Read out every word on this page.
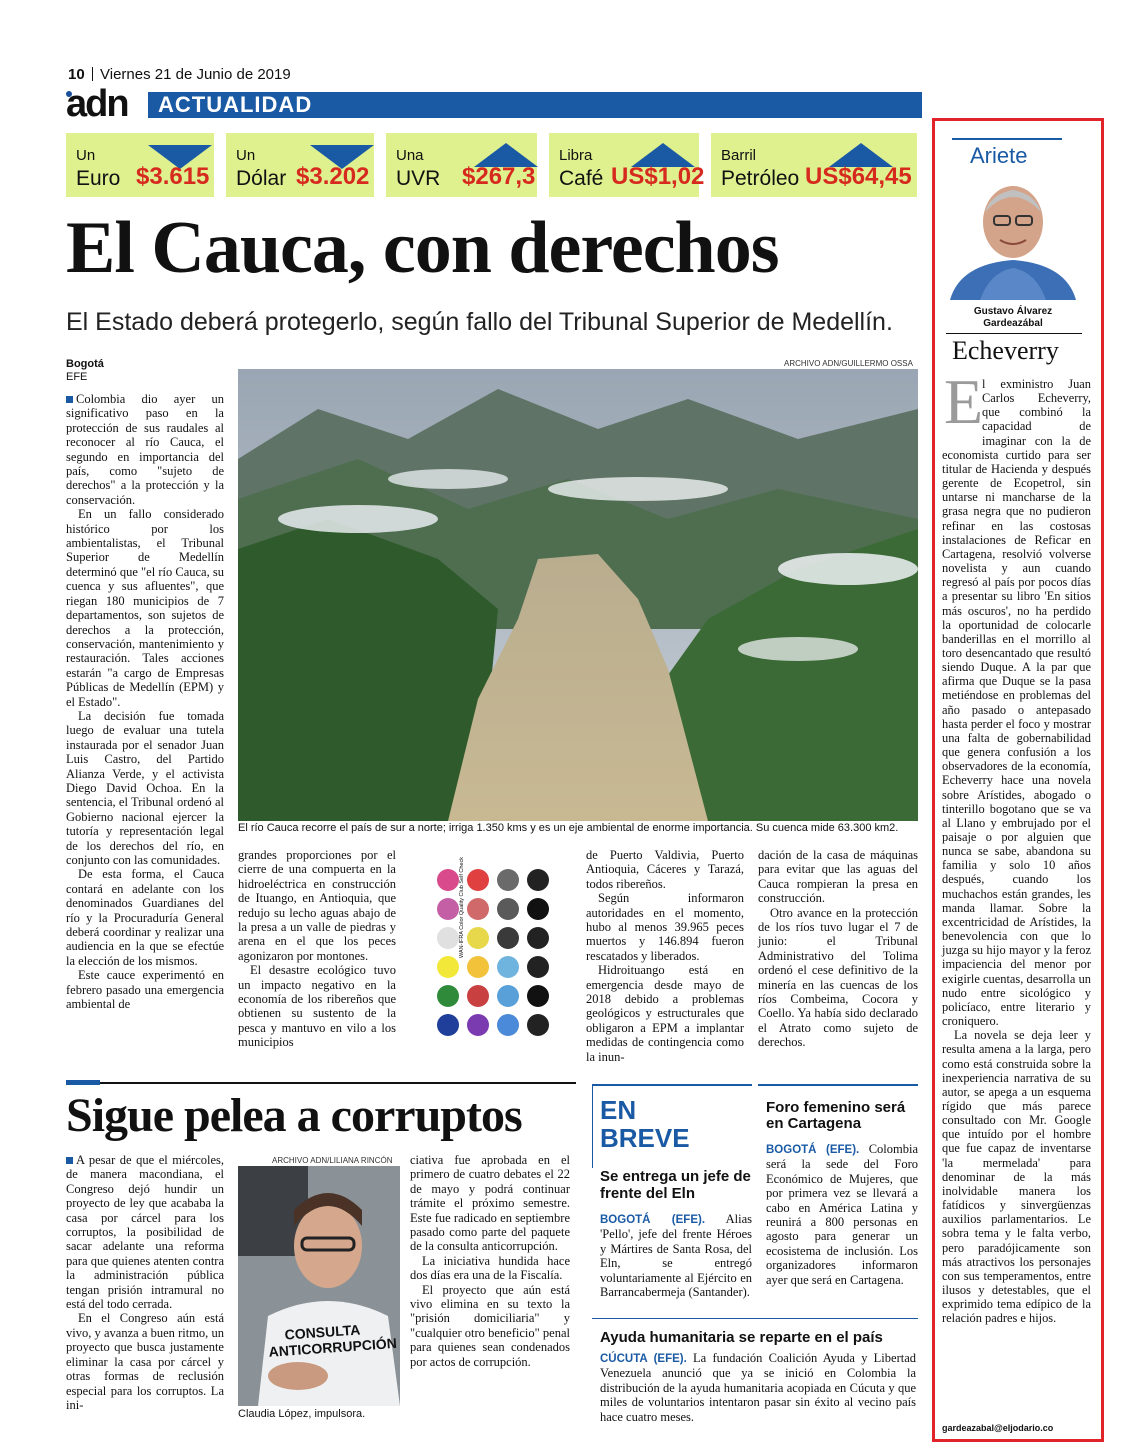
10 Viernes 21 de Junio de 2019
adn	ACTUALIDAD
Un
Euro $3.615
Un
Dólar $3.202
Una
UVR $267,3
Libra
Café US$1,02
Barril
Petróleo US$64,45
El Cauca, con derechos
El Estado deberá protegerlo, según fallo del Tribunal Superior de Medellín.
Bogotá
EFE
ARCHIVO ADN/GUILLERMO OSSA
El río Cauca recorre el país de sur a norte; irriga 1.350 kms y es un eje ambiental de enorme importancia. Su cuenca mide 63.300 km2.

Colombia dio ayer un significativo paso en la protección de sus raudales al reconocer al río Cauca, el segundo en importancia del país, como "sujeto de derechos" a la protección y la conservación.

En un fallo considerado histórico por los ambientalistas, el Tribunal Superior de Medellín determinó que "el río Cauca, su cuenca y sus afluentes", que riegan 180 municipios de 7 departamentos, son sujetos de derechos a la protección, conservación, mantenimiento y restauración. Tales acciones estarán "a cargo de Empresas Públicas de Medellín (EPM) y el Estado".

La decisión fue tomada luego de evaluar una tutela instaurada por el senador Juan Luis Castro, del Partido Alianza Verde, y el activista Diego David Ochoa. En la sentencia, el Tribunal ordenó al Gobierno nacional ejercer la tutoría y representación legal de los derechos del río, en conjunto con las comunidades.

De esta forma, el Cauca contará en adelante con los denominados Guardianes del río y la Procuraduría General deberá coordinar y realizar una audiencia en la que se efectúe la elección de los mismos.

Este cauce experimentó en febrero pasado una emergencia ambiental de

grandes proporciones por el cierre de una compuerta en la hidroeléctrica en construcción de Ituango, en Antioquia, que redujo su lecho aguas abajo de la presa a un valle de piedras y arena en el que los peces agonizaron por montones.

El desastre ecológico tuvo un impacto negativo en la economía de los ribereños que obtienen su sustento de la pesca y mantuvo en vilo a los municipios

WAN-IFRA Color Quality Club Self Check

de Puerto Valdivia, Puerto Antioquia, Cáceres y Tarazá, todos ribereños.

Según informaron autoridades en el momento, hubo al menos 39.965 peces muertos y 146.894 fueron rescatados y liberados.

Hidroituango está en emergencia desde mayo de 2018 debido a problemas geológicos y estructurales que obligaron a EPM a implantar medidas de contingencia como la inun-

dación de la casa de máquinas para evitar que las aguas del Cauca rompieran la presa en construcción.

Otro avance en la protección de los ríos tuvo lugar el 7 de junio: el Tribunal Administrativo del Tolima ordenó el cese definitivo de la minería en las cuencas de los ríos Combeima, Cocora y Coello. Ya había sido declarado el Atrato como sujeto de derechos.

Sigue pelea a corruptos

A pesar de que el miércoles, de manera macondiana, el Congreso dejó hundir un proyecto de ley que acababa la casa por cárcel para los corruptos, la posibilidad de sacar adelante una reforma para que quienes atenten contra la administración pública tengan prisión intramural no está del todo cerrada.

En el Congreso aún está vivo, y avanza a buen ritmo, un proyecto que busca justamente eliminar la casa por cárcel y otras formas de reclusión especial para los corruptos. La ini-

ARCHIVO ADN/LILIANA RINCÓN
CONSULTA ANTICORRUPCIÓN
Claudia López, impulsora.

ciativa fue aprobada en el primero de cuatro debates el 22 de mayo y podrá continuar trámite el próximo semestre. Este fue radicado en septiembre pasado como parte del paquete de la consulta anticorrupción.

La iniciativa hundida hace dos días era una de la Fiscalía.

El proyecto que aún está vivo elimina en su texto la "prisión domiciliaria" y "cualquier otro beneficio" penal para quienes sean condenados por actos de corrupción.

EN
BREVE
Se entrega un jefe de frente del Eln
BOGOTÁ (EFE). Alias 'Pello', jefe del frente Héroes y Mártires de Santa Rosa, del Eln, se entregó voluntariamente al Ejército en Barrancabermeja (Santander).
Foro femenino será en Cartagena
BOGOTÁ (EFE). Colombia será la sede del Foro Económico de Mujeres, que por primera vez se llevará a cabo en América Latina y reunirá a 800 personas en agosto para generar un ecosistema de inclusión. Los organizadores informaron ayer que será en Cartagena.
Ayuda humanitaria se reparte en el país
CÚCUTA (EFE). La fundación Coalición Ayuda y Libertad Venezuela anunció que ya se inició en Colombia la distribución de la ayuda humanitaria acopiada en Cúcuta y que miles de voluntarios intentaron pasar sin éxito al vecino país hace cuatro meses.
Ariete
Gustavo Álvarez
Gardeazábal
Echeverry
E
l exministro Juan Carlos Echeverry, que combinó la capacidad de imaginar con la de economista curtido para ser titular de Hacienda y después gerente de Ecopetrol, sin untarse ni mancharse de la grasa negra que no pudieron refinar en las costosas instalaciones de Reficar en Cartagena, resolvió volverse novelista y aun cuando regresó al país por pocos días a presentar su libro 'En sitios más oscuros', no ha perdido la oportunidad de colocarle banderillas en el morrillo al toro desencantado que resultó siendo Duque. A la par que afirma que Duque se la pasa metiéndose en problemas del año pasado o antepasado hasta perder el foco y mostrar una falta de gobernabilidad que genera confusión a los observadores de la economía, Echeverry hace una novela sobre Arístides, abogado o tinterillo bogotano que se va al Llano y embrujado por el paisaje o por alguien que nunca se sabe, abandona su familia y solo 10 años después, cuando los muchachos están grandes, les manda llamar. Sobre la excentricidad de Arístides, la benevolencia con que lo juzga su hijo mayor y la feroz impaciencia del menor por exigirle cuentas, desarrolla un nudo entre sicológico y policíaco, entre literario y croniquero.

La novela se deja leer y resulta amena a la larga, pero como está construida sobre la inexperiencia narrativa de su autor, se apega a un esquema rígido que más parece consultado con Mr. Google que intuído por el hombre que fue capaz de inventarse 'la mermelada' para denominar de la más inolvidable manera los fatídicos y sinvergüenzas auxilios parlamentarios. Le sobra tema y le falta verbo, pero paradójicamente son más atractivos los personajes con sus temperamentos, entre ilusos y detestables, que el exprimido tema edípico de la relación padres e hijos.

gardeazabal@eljodario.co
